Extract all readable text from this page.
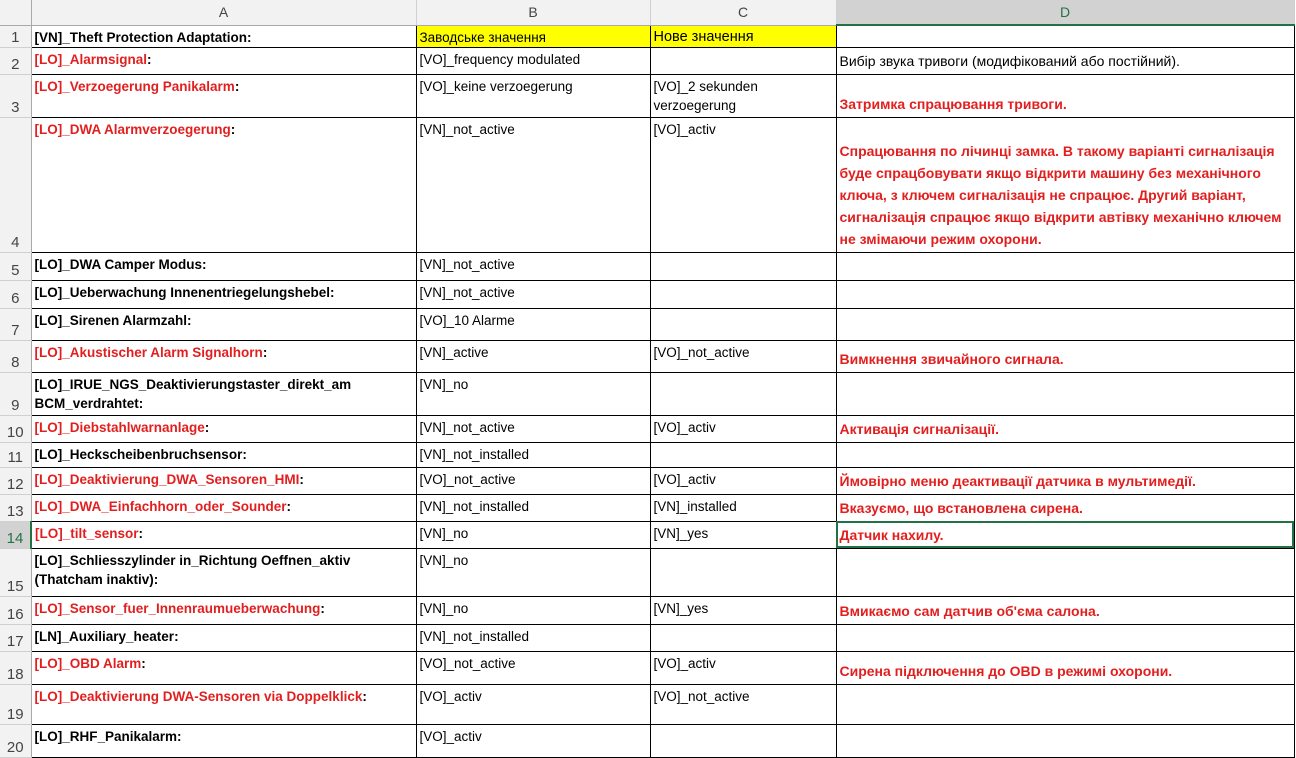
	A	B	C	D
1	[VN]_Theft Protection Adaptation:	Заводське значення	Нове значення	
2	[LO]_Alarmsignal:	[VO]_frequency modulated		Вибір звука тривоги (модифікований або постійний).
3	[LO]_Verzoegerung Panikalarm:	[VO]_keine verzoegerung	[VO]_2 sekunden verzoegerung	Затримка спрацювання тривоги.
4	[LO]_DWA Alarmverzoegerung:	[VN]_not_active	[VO]_activ	Спрацювання по лічинці замка. В такому варіанті сигналізація буде спрацбовувати якщо відкрити машину без механічного ключа, з ключем сигналізація не спрацює. Другий варіант, сигналізація спрацює якщо відкрити автівку механічно ключем не змімаючи режим охорони.
5	[LO]_DWA Camper Modus:	[VN]_not_active		
6	[LO]_Ueberwachung Innenentriegelungshebel:	[VN]_not_active		
7	[LO]_Sirenen Alarmzahl:	[VO]_10 Alarme		
8	[LO]_Akustischer Alarm Signalhorn:	[VN]_active	[VO]_not_active	Вимкнення звичайного сигнала.
9	[LO]_IRUE_NGS_Deaktivierungstaster_direkt_am BCM_verdrahtet:	[VN]_no		
10	[LO]_Diebstahlwarnanlage:	[VN]_not_active	[VO]_activ	Активація сигналізації.
11	[LO]_Heckscheibenbruchsensor:	[VN]_not_installed		
12	[LO]_Deaktivierung_DWA_Sensoren_HMI:	[VO]_not_active	[VO]_activ	Ймовірно меню деактивації датчика в мультимедії.
13	[LO]_DWA_Einfachhorn_oder_Sounder:	[VN]_not_installed	[VN]_installed	Вказуємо, що встановлена сирена.
14	[LO]_tilt_sensor:	[VN]_no	[VN]_yes	Датчик нахилу.
15	[LO]_Schliesszylinder in_Richtung Oeffnen_aktiv (Thatcham inaktiv):	[VN]_no		
16	[LO]_Sensor_fuer_Innenraumueberwachung:	[VN]_no	[VN]_yes	Вмикаємо сам датчив об'єма салона.
17	[LN]_Auxiliary_heater:	[VN]_not_installed		
18	[LO]_OBD Alarm:	[VO]_not_active	[VO]_activ	Сирена підключення до OBD в режимі охорони.
19	[LO]_Deaktivierung DWA-Sensoren via Doppelklick:	[VO]_activ	[VO]_not_active	
20	[LO]_RHF_Panikalarm:	[VO]_activ		
